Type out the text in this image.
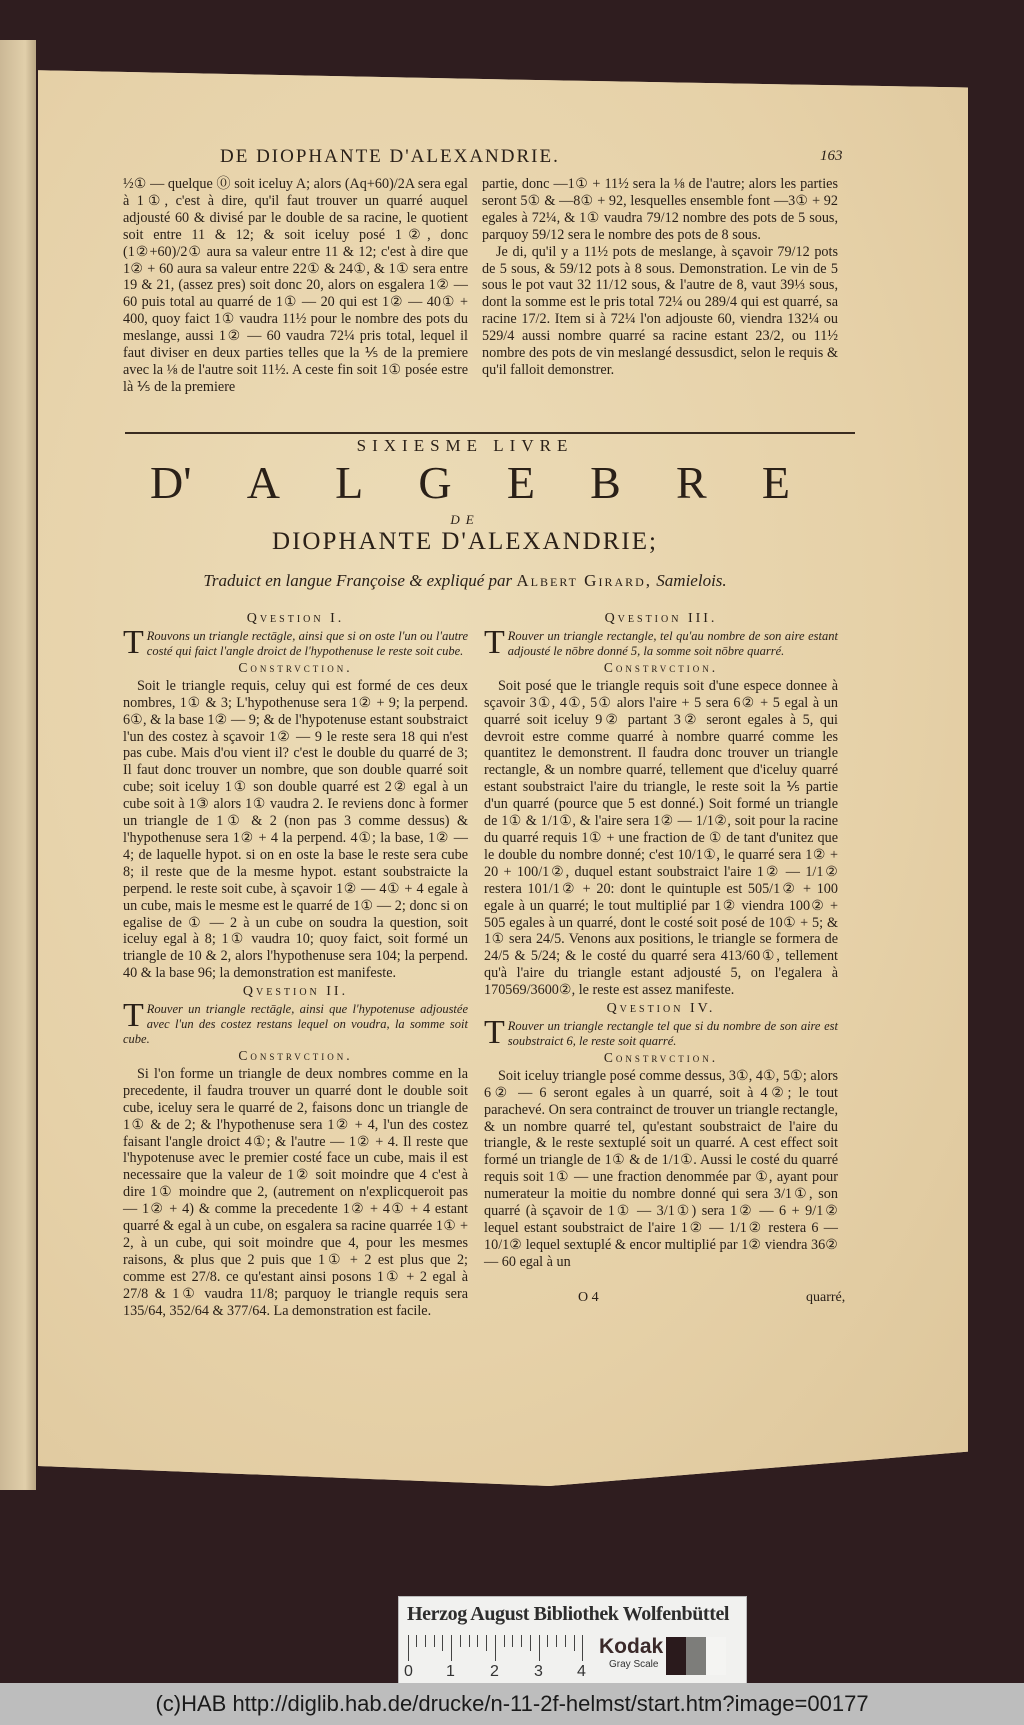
DE DIOPHANTE D'ALEXANDRIE.	163

½① — quelque ⓪ soit iceluy A; alors (Aq+60)/2A sera egal à 1①, c'est à dire, qu'il faut trouver un quarré auquel adjousté 60 & divisé par le double de sa racine, le quotient soit entre 11 & 12; & soit iceluy posé 1②, donc (1②+60)/2① aura sa valeur entre 11 & 12; c'est à dire que 1② + 60 aura sa valeur entre 22① & 24①, & 1① sera entre 19 & 21, (assez pres) soit donc 20, alors on esgalera 1② — 60 puis total au quarré de 1① — 20 qui est 1② — 40① + 400, quoy faict 1① vaudra 11½ pour le nombre des pots du meslange, aussi 1② — 60 vaudra 72¼ pris total, lequel il faut diviser en deux parties telles que la ⅕ de la premiere avec la ⅛ de l'autre soit 11½. A ceste fin soit 1① posée estre là ⅕ de la premiere

partie, donc —1① + 11½ sera la ⅛ de l'autre; alors les parties seront 5① & —8① + 92, lesquelles ensemble font —3① + 92 egales à 72¼, & 1① vaudra 79/12 nombre des pots de 5 sous, parquoy 59/12 sera le nombre des pots de 8 sous.

Je di, qu'il y a 11½ pots de meslange, à sçavoir 79/12 pots de 5 sous, & 59/12 pots à 8 sous. Demonstration. Le vin de 5 sous le pot vaut 32 11/12 sous, & l'autre de 8, vaut 39⅓ sous, dont la somme est le pris total 72¼ ou 289/4 qui est quarré, sa racine 17/2. Item si à 72¼ l'on adjouste 60, viendra 132¼ ou 529/4 aussi nombre quarré sa racine estant 23/2, ou 11½ nombre des pots de vin meslangé dessusdict, selon le requis & qu'il falloit demonstrer.

SIXIESME LIVRE
D' A L G E B R E
DE
DIOPHANTE D'ALEXANDRIE;
Traduict en langue Françoise & expliqué par Albert Girard, Samielois.
Qvestion I.
T Rouvons un triangle rectāgle, ainsi que si on oste l'un ou l'autre costé qui faict l'angle droict de l'hypothenuse le reste soit cube.
Constrvction.

Soit le triangle requis, celuy qui est formé de ces deux nombres, 1① & 3; L'hypothenuse sera 1② + 9; la perpend. 6①, & la base 1② — 9; & de l'hypotenuse estant soubstraict l'un des costez à sçavoir 1② — 9 le reste sera 18 qui n'est pas cube. Mais d'ou vient il? c'est le double du quarré de 3; Il faut donc trouver un nombre, que son double quarré soit cube; soit iceluy 1① son double quarré est 2② egal à un cube soit à 1③ alors 1① vaudra 2. Ie reviens donc à former un triangle de 1① & 2 (non pas 3 comme dessus) & l'hypothenuse sera 1② + 4 la perpend. 4①; la base, 1② — 4; de laquelle hypot. si on en oste la base le reste sera cube 8; il reste que de la mesme hypot. estant soubstraicte la perpend. le reste soit cube, à sçavoir 1② — 4① + 4 egale à un cube, mais le mesme est le quarré de 1① — 2; donc si on egalise de ① — 2 à un cube on soudra la question, soit iceluy egal à 8; 1① vaudra 10; quoy faict, soit formé un triangle de 10 & 2, alors l'hypothenuse sera 104; la perpend. 40 & la base 96; la demonstration est manifeste.

Qvestion II.
T Rouver un triangle rectāgle, ainsi que l'hypotenuse adjoustée avec l'un des costez restans lequel on voudra, la somme soit cube.
Constrvction.

Si l'on forme un triangle de deux nombres comme en la precedente, il faudra trouver un quarré dont le double soit cube, iceluy sera le quarré de 2, faisons donc un triangle de 1① & de 2; & l'hypothenuse sera 1② + 4, l'un des costez faisant l'angle droict 4①; & l'autre — 1② + 4. Il reste que l'hypotenuse avec le premier costé face un cube, mais il est necessaire que la valeur de 1② soit moindre que 4 c'est à dire 1① moindre que 2, (autrement on n'explicqueroit pas — 1② + 4) & comme la precedente 1② + 4① + 4 estant quarré & egal à un cube, on esgalera sa racine quarrée 1① + 2, à un cube, qui soit moindre que 4, pour les mesmes raisons, & plus que 2 puis que 1① + 2 est plus que 2; comme est 27/8. ce qu'estant ainsi posons 1① + 2 egal à 27/8 & 1① vaudra 11/8; parquoy le triangle requis sera 135/64, 352/64 & 377/64. La demonstration est facile.

Qvestion III.
T Rouver un triangle rectangle, tel qu'au nombre de son aire estant adjousté le nōbre donné 5, la somme soit nōbre quarré.
Constrvction.

Soit posé que le triangle requis soit d'une espece donnee à sçavoir 3①, 4①, 5① alors l'aire + 5 sera 6② + 5 egal à un quarré soit iceluy 9② partant 3② seront egales à 5, qui devroit estre comme quarré à nombre quarré comme les quantitez le demonstrent. Il faudra donc trouver un triangle rectangle, & un nombre quarré, tellement que d'iceluy quarré estant soubstraict l'aire du triangle, le reste soit la ⅕ partie d'un quarré (pource que 5 est donné.) Soit formé un triangle de 1① & 1/1①, & l'aire sera 1② — 1/1②, soit pour la racine du quarré requis 1① + une fraction de ① de tant d'unitez que le double du nombre donné; c'est 10/1①, le quarré sera 1② + 20 + 100/1②, duquel estant soubstraict l'aire 1② — 1/1② restera 101/1② + 20: dont le quintuple est 505/1② + 100 egale à un quarré; le tout multiplié par 1② viendra 100② + 505 egales à un quarré, dont le costé soit posé de 10① + 5; & 1① sera 24/5. Venons aux positions, le triangle se formera de 24/5 & 5/24; & le costé du quarré sera 413/60①, tellement qu'à l'aire du triangle estant adjousté 5, on l'egalera à 170569/3600②, le reste est assez manifeste.

Qvestion IV.
T Rouver un triangle rectangle tel que si du nombre de son aire est soubstraict 6, le reste soit quarré.
Constrvction.

Soit iceluy triangle posé comme dessus, 3①, 4①, 5①; alors 6② — 6 seront egales à un quarré, soit à 4②; le tout parachevé. On sera contrainct de trouver un triangle rectangle, & un nombre quarré tel, qu'estant soubstraict de l'aire du triangle, & le reste sextuplé soit un quarré. A cest effect soit formé un triangle de 1① & de 1/1①. Aussi le costé du quarré requis soit 1① — une fraction denommée par ①, ayant pour numerateur la moitie du nombre donné qui sera 3/1①, son quarré (à sçavoir de 1① — 3/1①) sera 1② — 6 + 9/1② lequel estant soubstraict de l'aire 1② — 1/1② restera 6 — 10/1② lequel sextuplé & encor multiplié par 1② viendra 36② — 60 egal à un

O 4	quarré,
Herzog August Bibliothek Wolfenbüttel
0 1 2 3 4
Kodak
Gray Scale
(c)HAB http://diglib.hab.de/drucke/n-11-2f-helmst/start.htm?image=00177
